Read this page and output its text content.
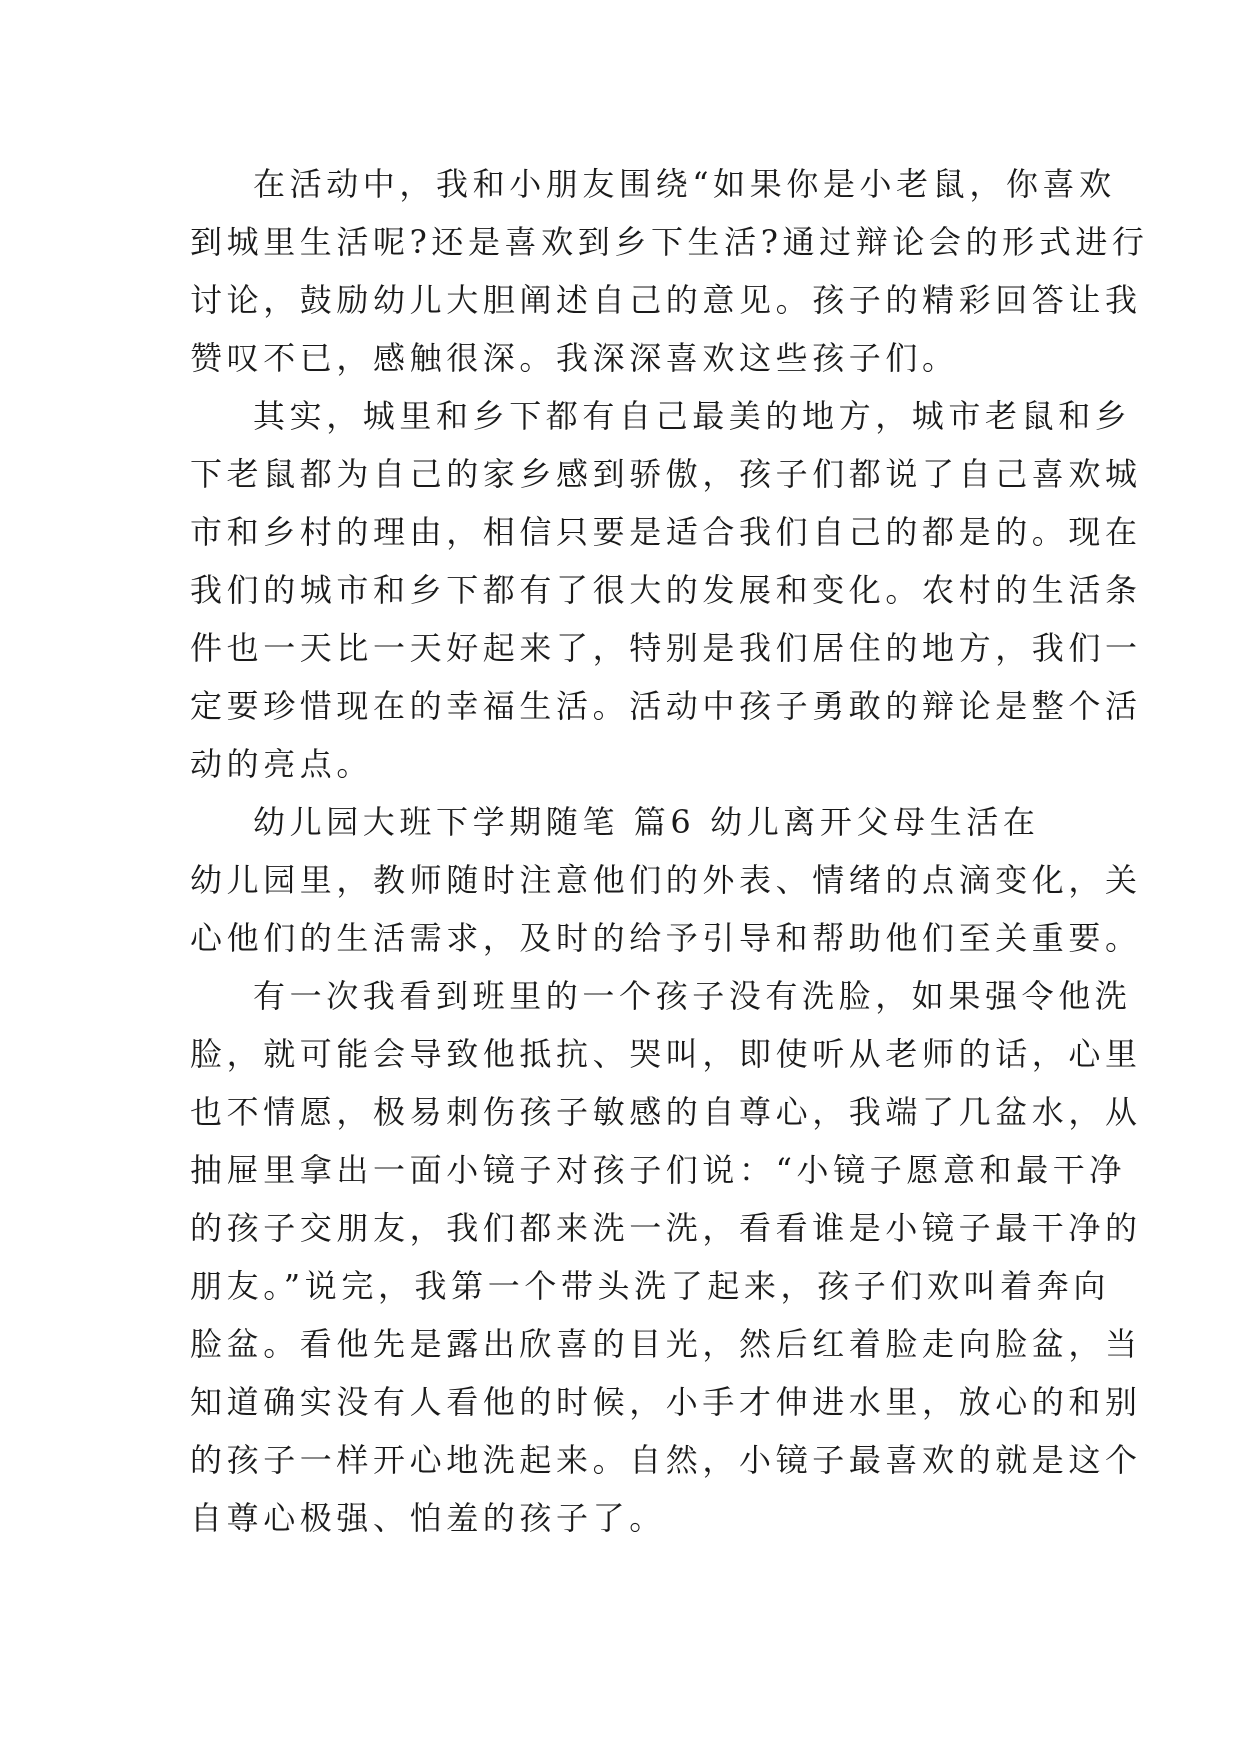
在活动中，我和小朋友围绕“如果你是小老鼠，你喜欢

到城里生活呢?还是喜欢到乡下生活?通过辩论会的形式进行

讨论，鼓励幼儿大胆阐述自己的意见。孩子的精彩回答让我

赞叹不已，感触很深。我深深喜欢这些孩子们。

其实，城里和乡下都有自己最美的地方，城市老鼠和乡

下老鼠都为自己的家乡感到骄傲，孩子们都说了自己喜欢城

市和乡村的理由，相信只要是适合我们自己的都是的。现在

我们的城市和乡下都有了很大的发展和变化。农村的生活条

件也一天比一天好起来了，特别是我们居住的地方，我们一

定要珍惜现在的幸福生活。活动中孩子勇敢的辩论是整个活

动的亮点。

幼儿园大班下学期随笔 篇6 幼儿离开父母生活在

幼儿园里，教师随时注意他们的外表、情绪的点滴变化，关

心他们的生活需求，及时的给予引导和帮助他们至关重要。

有一次我看到班里的一个孩子没有洗脸，如果强令他洗

脸，就可能会导致他抵抗、哭叫，即使听从老师的话，心里

也不情愿，极易刺伤孩子敏感的自尊心，我端了几盆水，从

抽屉里拿出一面小镜子对孩子们说：“小镜子愿意和最干净

的孩子交朋友，我们都来洗一洗，看看谁是小镜子最干净的

朋友。”说完，我第一个带头洗了起来，孩子们欢叫着奔向

脸盆。看他先是露出欣喜的目光，然后红着脸走向脸盆，当

知道确实没有人看他的时候，小手才伸进水里，放心的和别

的孩子一样开心地洗起来。自然，小镜子最喜欢的就是这个

自尊心极强、怕羞的孩子了。
